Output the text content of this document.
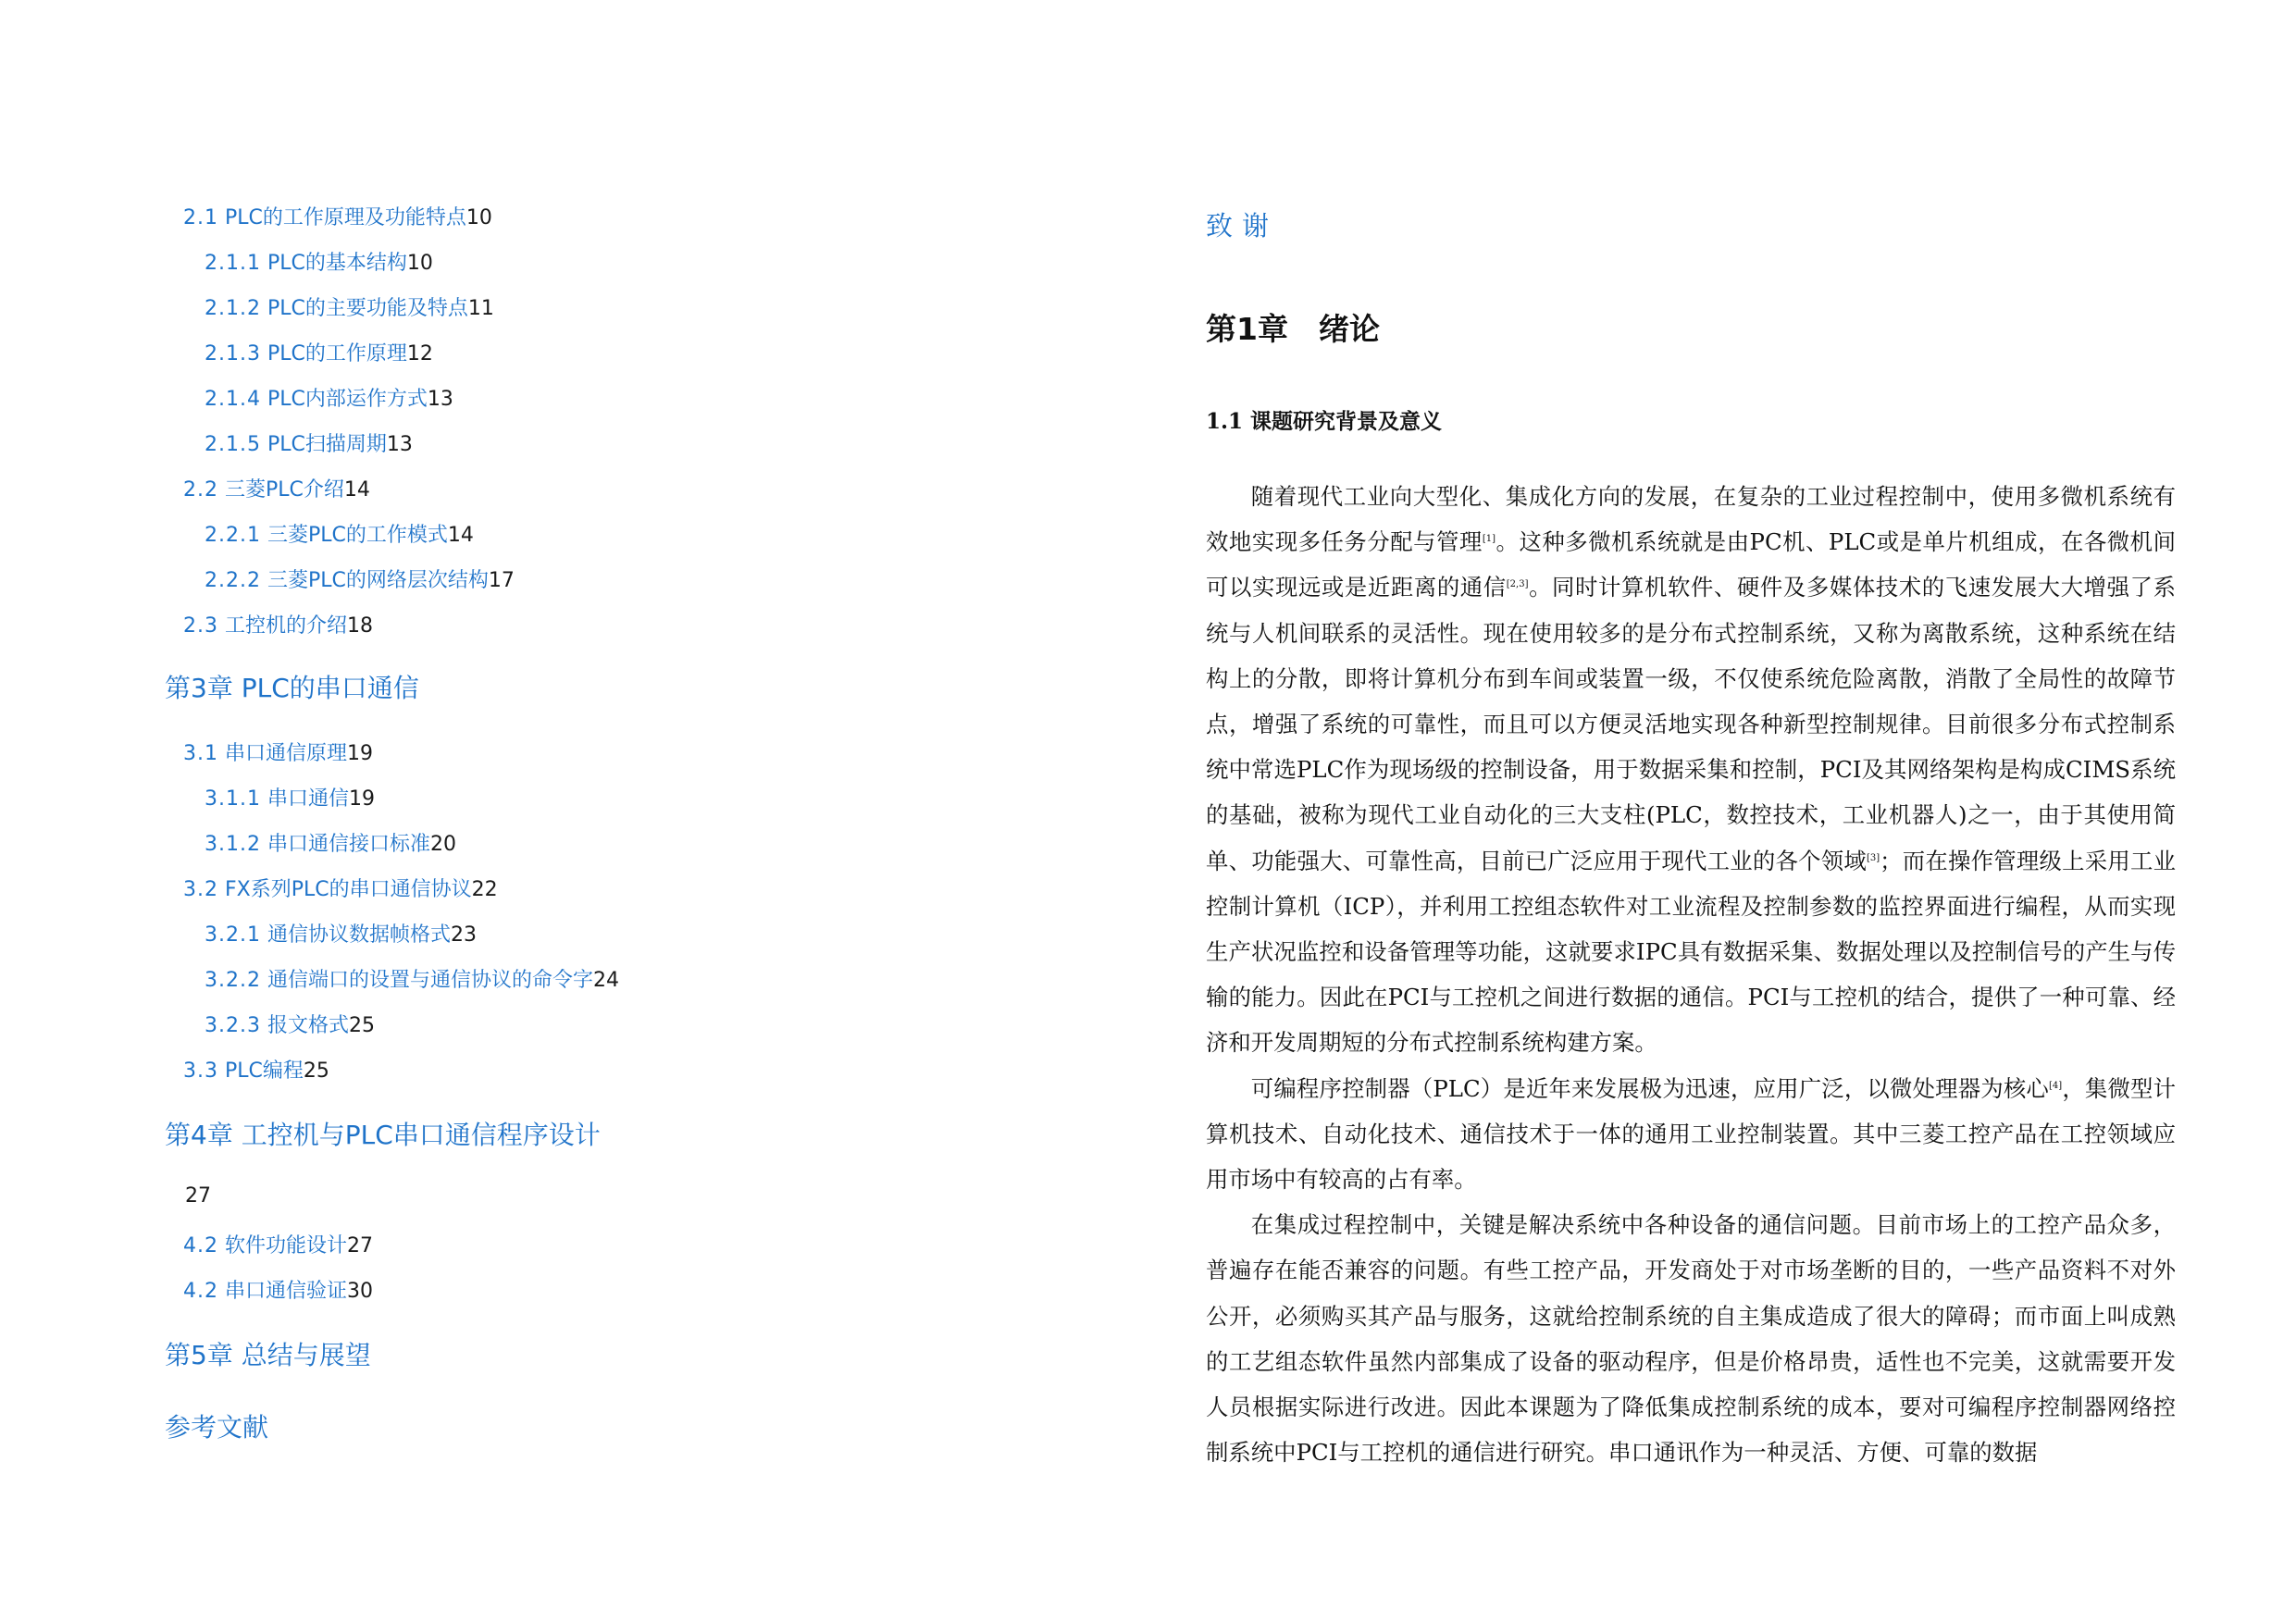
2.1 PLC的工作原理及功能特点10
2.1.1 PLC的基本结构10
2.1.2 PLC的主要功能及特点11
2.1.3 PLC的工作原理12
2.1.4 PLC内部运作方式13
2.1.5 PLC扫描周期13
2.2 三菱PLC介绍14
2.2.1 三菱PLC的工作模式14
2.2.2 三菱PLC的网络层次结构17
2.3 工控机的介绍18
第3章 PLC的串口通信
3.1 串口通信原理19
3.1.1 串口通信19
3.1.2 串口通信接口标准20
3.2 FX系列PLC的串口通信协议22
3.2.1 通信协议数据帧格式23
3.2.2 通信端口的设置与通信协议的命令字24
3.2.3 报文格式25
3.3 PLC编程25
第4章 工控机与PLC串口通信程序设计
27
4.2 软件功能设计27
4.2 串口通信验证30
第5章 总结与展望
参考文献
致谢
第1章　绪论
1.1 课题研究背景及意义

随着现代工业向大型化、集成化方向的发展，在复杂的工业过程控制中，使用多微机系统有效地实现多任务分配与管理[1]。这种多微机系统就是由PC机、PLC或是单片机组成，在各微机间可以实现远或是近距离的通信[2,3]。同时计算机软件、硬件及多媒体技术的飞速发展大大增强了系统与人机间联系的灵活性。现在使用较多的是分布式控制系统，又称为离散系统，这种系统在结构上的分散，即将计算机分布到车间或装置一级，不仅使系统危险离散，消散了全局性的故障节点，增强了系统的可靠性，而且可以方便灵活地实现各种新型控制规律。目前很多分布式控制系统中常选PLC作为现场级的控制设备，用于数据采集和控制，PCI及其网络架构是构成CIMS系统的基础，被称为现代工业自动化的三大支柱(PLC，数控技术，工业机器人)之一，由于其使用简单、功能强大、可靠性高，目前已广泛应用于现代工业的各个领域[3]；而在操作管理级上采用工业控制计算机（ICP），并利用工控组态软件对工业流程及控制参数的监控界面进行编程，从而实现生产状况监控和设备管理等功能，这就要求IPC具有数据采集、数据处理以及控制信号的产生与传输的能力。因此在PCI与工控机之间进行数据的通信。PCI与工控机的结合，提供了一种可靠、经济和开发周期短的分布式控制系统构建方案。

可编程序控制器（PLC）是近年来发展极为迅速，应用广泛，以微处理器为核心[4]，集微型计算机技术、自动化技术、通信技术于一体的通用工业控制装置。其中三菱工控产品在工控领域应用市场中有较高的占有率。

在集成过程控制中，关键是解决系统中各种设备的通信问题。目前市场上的工控产品众多，普遍存在能否兼容的问题。有些工控产品，开发商处于对市场垄断的目的，一些产品资料不对外公开，必须购买其产品与服务，这就给控制系统的自主集成造成了很大的障碍；而市面上叫成熟的工艺组态软件虽然内部集成了设备的驱动程序，但是价格昂贵，适性也不完美，这就需要开发人员根据实际进行改进。因此本课题为了降低集成控制系统的成本，要对可编程序控制器网络控制系统中PCI与工控机的通信进行研究。串口通讯作为一种灵活、方便、可靠的数据
